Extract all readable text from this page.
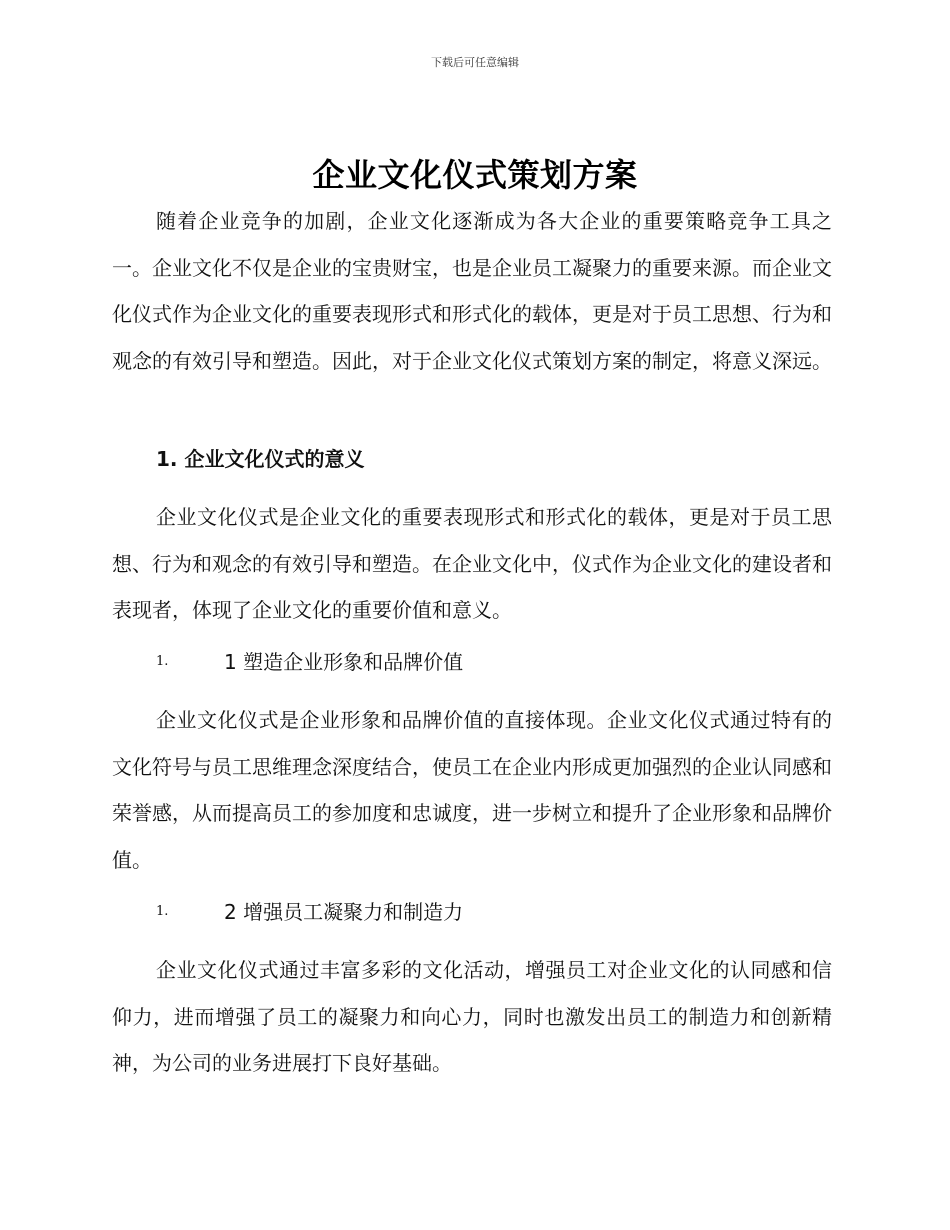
下载后可任意编辑
企业文化仪式策划方案

随着企业竞争的加剧，企业文化逐渐成为各大企业的重要策略竞争工具之一。企业文化不仅是企业的宝贵财宝，也是企业员工凝聚力的重要来源。而企业文化仪式作为企业文化的重要表现形式和形式化的载体，更是对于员工思想、行为和观念的有效引导和塑造。因此，对于企业文化仪式策划方案的制定，将意义深远。

1. 企业文化仪式的意义

企业文化仪式是企业文化的重要表现形式和形式化的载体，更是对于员工思想、行为和观念的有效引导和塑造。在企业文化中，仪式作为企业文化的建设者和表现者，体现了企业文化的重要价值和意义。

1.	1 塑造企业形象和品牌价值

企业文化仪式是企业形象和品牌价值的直接体现。企业文化仪式通过特有的文化符号与员工思维理念深度结合，使员工在企业内形成更加强烈的企业认同感和荣誉感，从而提高员工的参加度和忠诚度，进一步树立和提升了企业形象和品牌价值。

1.	2 增强员工凝聚力和制造力

企业文化仪式通过丰富多彩的文化活动，增强员工对企业文化的认同感和信仰力，进而增强了员工的凝聚力和向心力，同时也激发出员工的制造力和创新精神，为公司的业务进展打下良好基础。
